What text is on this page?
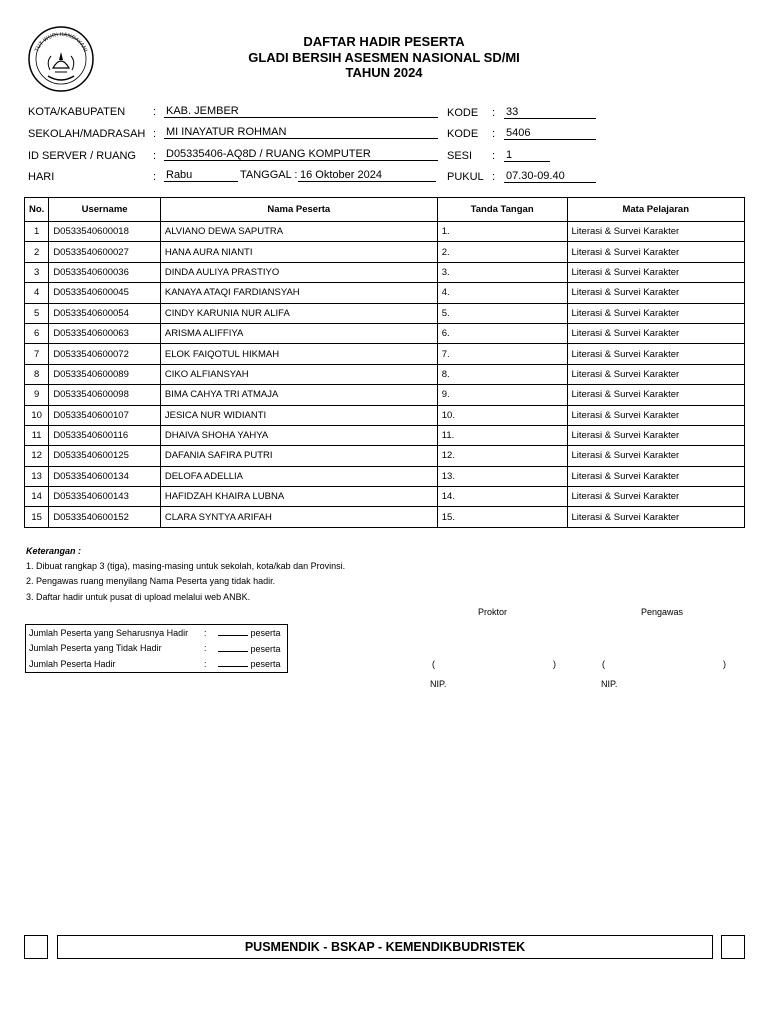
TUT WURI HANDAYANI
DAFTAR HADIR PESERTA
GLADI BERSIH ASESMEN NASIONAL SD/MI
TAHUN 2024
KOTA/KABUPATEN	: KAB. JEMBER
SEKOLAH/MADRASAH : MI INAYATUR ROHMAN
ID SERVER / RUANG : D05335406-AQ8D / RUANG KOMPUTER
HARI	: Rabu	TANGGAL : 16 Oktober 2024
KODE : 33
KODE : 5406
SESI : 1
PUKUL : 07.30-09.40
No.	Username	Nama Peserta	Tanda Tangan	Mata Pelajaran
1	D0533540600018	ALVIANO DEWA SAPUTRA	1.	Literasi & Survei Karakter
2	D0533540600027	HANA AURA NIANTI	2.	Literasi & Survei Karakter
3	D0533540600036	DINDA AULIYA PRASTIYO	3.	Literasi & Survei Karakter
4	D0533540600045	KANAYA ATAQI FARDIANSYAH	4.	Literasi & Survei Karakter
5	D0533540600054	CINDY KARUNIA NUR ALIFA	5.	Literasi & Survei Karakter
6	D0533540600063	ARISMA ALIFFIYA	6.	Literasi & Survei Karakter
7	D0533540600072	ELOK FAIQOTUL HIKMAH	7.	Literasi & Survei Karakter
8	D0533540600089	CIKO ALFIANSYAH	8.	Literasi & Survei Karakter
9	D0533540600098	BIMA CAHYA TRI ATMAJA	9.	Literasi & Survei Karakter
10	D0533540600107	JESICA NUR WIDIANTI	10.	Literasi & Survei Karakter
11	D0533540600116	DHAIVA SHOHA YAHYA	11.	Literasi & Survei Karakter
12	D0533540600125	DAFANIA SAFIRA PUTRI	12.	Literasi & Survei Karakter
13	D0533540600134	DELOFA ADELLIA	13.	Literasi & Survei Karakter
14	D0533540600143	HAFIDZAH KHAIRA LUBNA	14.	Literasi & Survei Karakter
15	D0533540600152	CLARA SYNTYA ARIFAH	15.	Literasi & Survei Karakter
Keterangan :
1. Dibuat rangkap 3 (tiga), masing-masing untuk sekolah, kota/kab dan Provinsi.
2. Pengawas ruang menyilang Nama Peserta yang tidak hadir.
3. Daftar hadir untuk pusat di upload melalui web ANBK.
Jumlah Peserta yang Seharusnya Hadir	:	peserta
Jumlah Peserta yang Tidak Hadir	:	peserta
Jumlah Peserta Hadir	:	peserta
Proktor	Pengawas
(	)	(	)
NIP.	NIP.
PUSMENDIK - BSKAP - KEMENDIKBUDRISTEK
